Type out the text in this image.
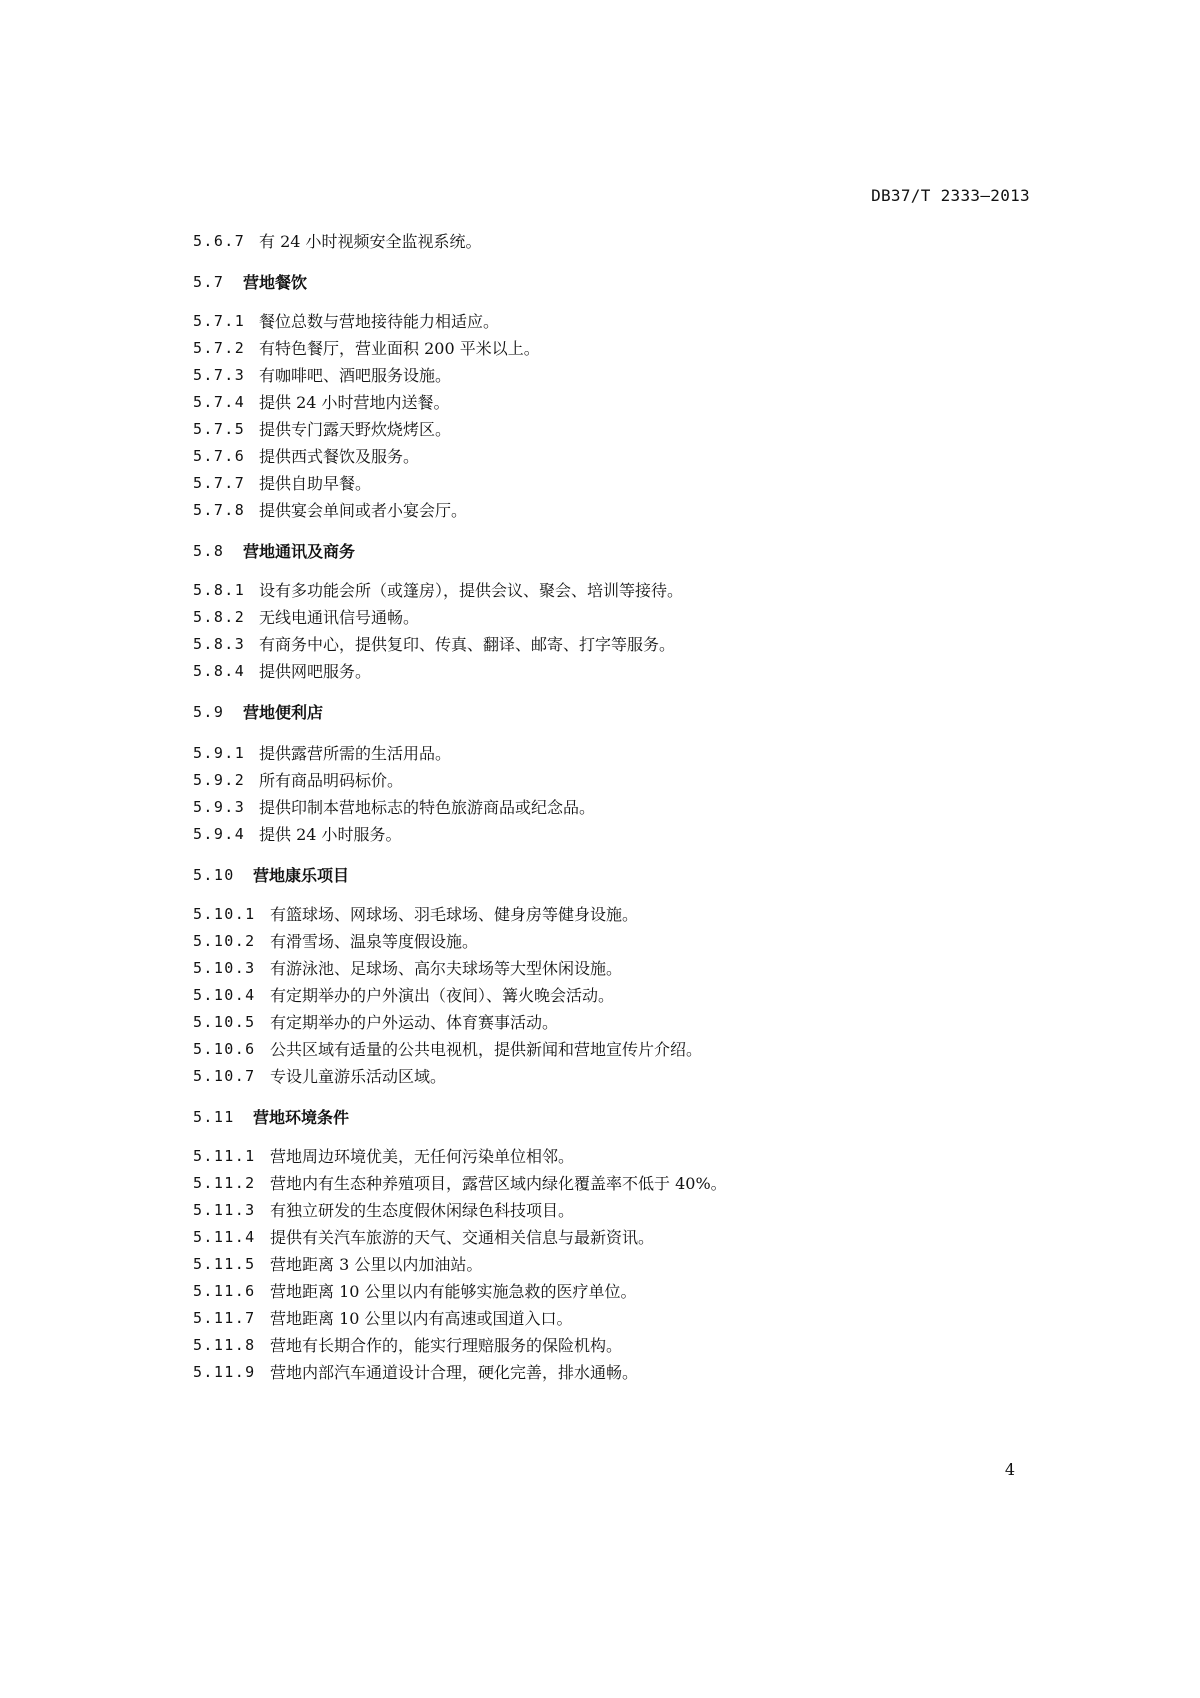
DB37/T 2333—2013
5.6.7 有 24 小时视频安全监视系统。
5.7	营地餐饮
5.7.1 餐位总数与营地接待能力相适应。
5.7.2 有特色餐厅，营业面积 200 平米以上。
5.7.3 有咖啡吧、酒吧服务设施。
5.7.4 提供 24 小时营地内送餐。
5.7.5 提供专门露天野炊烧烤区。
5.7.6 提供西式餐饮及服务。
5.7.7 提供自助早餐。
5.7.8 提供宴会单间或者小宴会厅。
5.8	营地通讯及商务
5.8.1 设有多功能会所（或篷房），提供会议、聚会、培训等接待。
5.8.2 无线电通讯信号通畅。
5.8.3 有商务中心，提供复印、传真、翻译、邮寄、打字等服务。
5.8.4 提供网吧服务。
5.9	营地便利店
5.9.1 提供露营所需的生活用品。
5.9.2 所有商品明码标价。
5.9.3 提供印制本营地标志的特色旅游商品或纪念品。
5.9.4 提供 24 小时服务。
5.10	营地康乐项目
5.10.1 有篮球场、网球场、羽毛球场、健身房等健身设施。
5.10.2 有滑雪场、温泉等度假设施。
5.10.3 有游泳池、足球场、高尔夫球场等大型休闲设施。
5.10.4 有定期举办的户外演出（夜间）、篝火晚会活动。
5.10.5 有定期举办的户外运动、体育赛事活动。
5.10.6 公共区域有适量的公共电视机，提供新闻和营地宣传片介绍。
5.10.7 专设儿童游乐活动区域。
5.11	营地环境条件
5.11.1 营地周边环境优美，无任何污染单位相邻。
5.11.2 营地内有生态种养殖项目，露营区域内绿化覆盖率不低于 40%。
5.11.3 有独立研发的生态度假休闲绿色科技项目。
5.11.4 提供有关汽车旅游的天气、交通相关信息与最新资讯。
5.11.5 营地距离 3 公里以内加油站。
5.11.6 营地距离 10 公里以内有能够实施急救的医疗单位。
5.11.7 营地距离 10 公里以内有高速或国道入口。
5.11.8 营地有长期合作的，能实行理赔服务的保险机构。
5.11.9 营地内部汽车通道设计合理，硬化完善，排水通畅。
4
